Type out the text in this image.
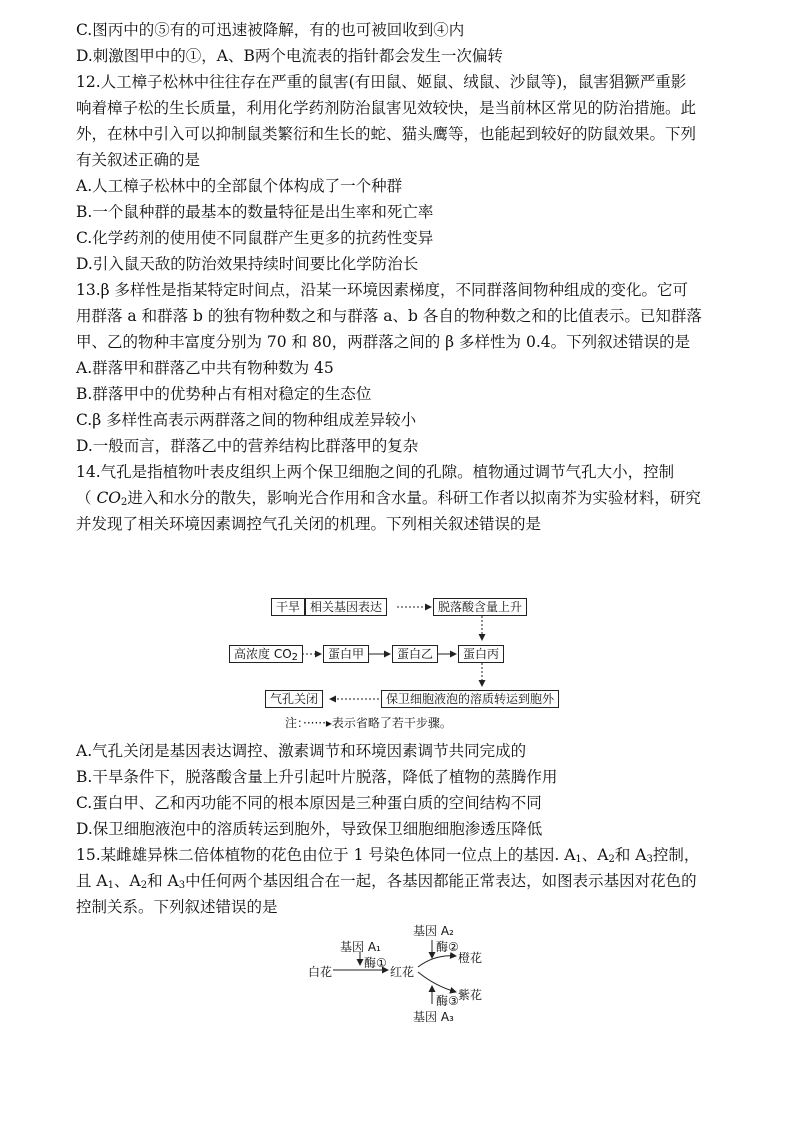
C.图丙中的⑤有的可迅速被降解，有的也可被回收到④内
D.刺激图甲中的①，A、B两个电流表的指针都会发生一次偏转
12.人工樟子松林中往往存在严重的鼠害(有田鼠、姬鼠、绒鼠、沙鼠等)，鼠害猖獗严重影
响着樟子松的生长质量，利用化学药剂防治鼠害见效较快，是当前林区常见的防治措施。此
外，在林中引入可以抑制鼠类繁衍和生长的蛇、猫头鹰等，也能起到较好的防鼠效果。下列
有关叙述正确的是
A.人工樟子松林中的全部鼠个体构成了一个种群
B.一个鼠种群的最基本的数量特征是出生率和死亡率
C.化学药剂的使用使不同鼠群产生更多的抗药性变异
D.引入鼠天敌的防治效果持续时间要比化学防治长
13.β 多样性是指某特定时间点，沿某一环境因素梯度，不同群落间物种组成的变化。它可
用群落 a 和群落 b 的独有物种数之和与群落 a、b 各自的物种数之和的比值表示。已知群落
甲、乙的物种丰富度分别为 70 和 80，两群落之间的 β 多样性为 0.4。下列叙述错误的是
A.群落甲和群落乙中共有物种数为 45
B.群落甲中的优势种占有相对稳定的生态位
C.β 多样性高表示两群落之间的物种组成差异较小
D.一般而言，群落乙中的营养结构比群落甲的复杂
14.气孔是指植物叶表皮组织上两个保卫细胞之间的孔隙。植物通过调节气孔大小，控制
（ $CO_2$进入和水分的散失，影响光合作用和含水量。科研工作者以拟南芥为实验材料，研究
并发现了相关环境因素调控气孔关闭的机理。下列相关叙述错误的是
干旱 相关基因表达	脱落酸含量上升
高浓度 $CO_2$	蛋白甲	蛋白乙	蛋白丙
气孔关闭	保卫细胞液泡的溶质转运到胞外
注：······▸表示省略了若干步骤。
A.气孔关闭是基因表达调控、激素调节和环境因素调节共同完成的
B.干旱条件下，脱落酸含量上升引起叶片脱落，降低了植物的蒸腾作用
C.蛋白甲、乙和丙功能不同的根本原因是三种蛋白质的空间结构不同
D.保卫细胞液泡中的溶质转运到胞外，导致保卫细胞细胞渗透压降低
15.某雌雄异株二倍体植物的花色由位于 1 号染色体同一位点上的基因. $A_1$、$A_2$和 $A_3$控制，
且 $A_1$、$A_2$和 $A_3$中任何两个基因组合在一起，各基因都能正常表达，如图表示基因对花色的
控制关系。下列叙述错误的是
基因 A₂
酶②
基因 A₁
酶①
白花	红花
橙花
紫花
酶③
基因 A₃
